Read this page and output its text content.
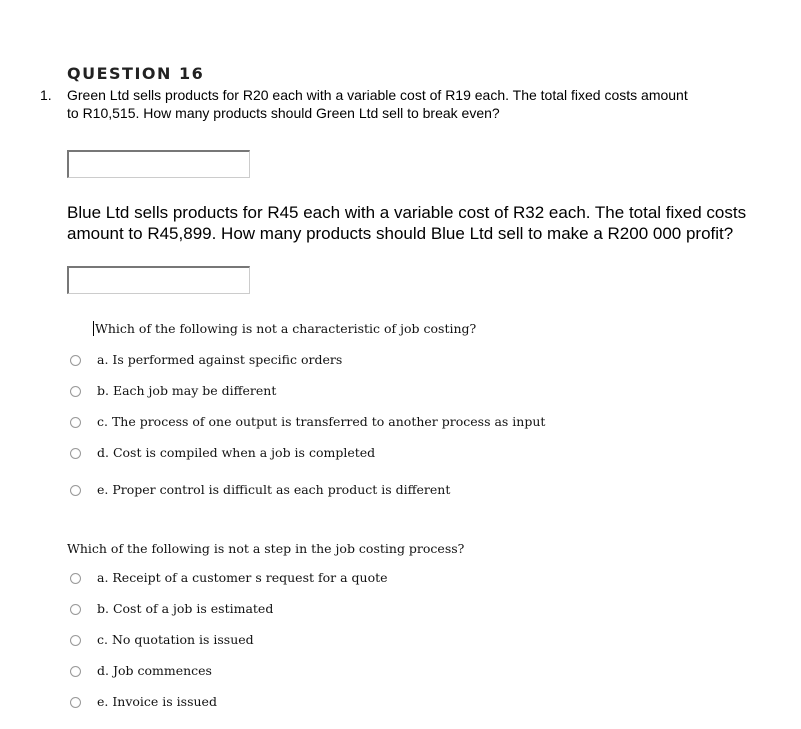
QUESTION 16
1. Green Ltd sells products for R20 each with a variable cost of R19 each. The total fixed costs amount
to R10,515. How many products should Green Ltd sell to break even?
Blue Ltd sells products for R45 each with a variable cost of R32 each. The total fixed costs amount to R45,899. How many products should Blue Ltd sell to make a R200 000 profit?
Which of the following is not a characteristic of job costing?
a. Is performed against specific orders
b. Each job may be different
c. The process of one output is transferred to another process as input
d. Cost is compiled when a job is completed
e. Proper control is difficult as each product is different
Which of the following is not a step in the job costing process?
a. Receipt of a customer s request for a quote
b. Cost of a job is estimated
c. No quotation is issued
d. Job commences
e. Invoice is issued
